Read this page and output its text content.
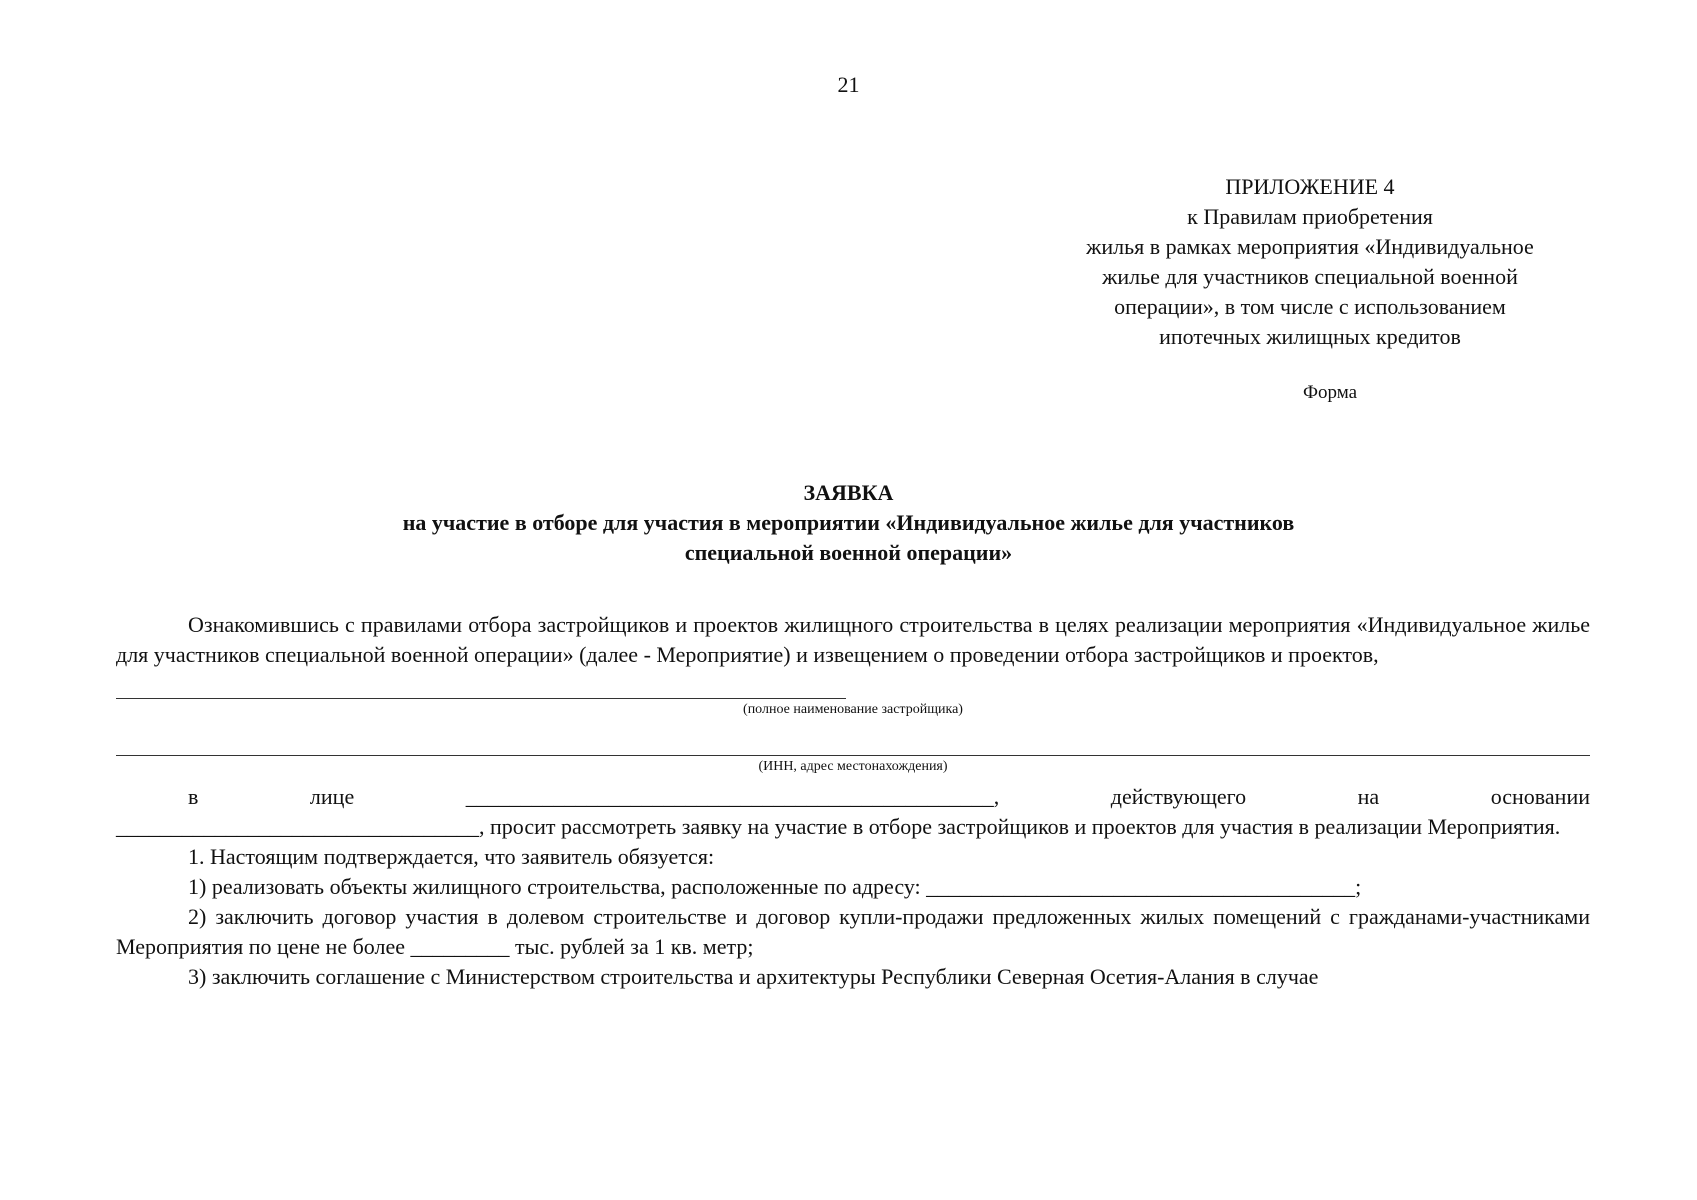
21
ПРИЛОЖЕНИЕ 4
к Правилам приобретения
жилья в рамках мероприятия «Индивидуальное
жилье для участников специальной военной
операции», в том числе с использованием
ипотечных жилищных кредитов
Форма
ЗАЯВКА
на участие в отборе для участия в мероприятии «Индивидуальное жилье для участников
специальной военной операции»

Ознакомившись с правилами отбора застройщиков и проектов жилищного строительства в целях реализации мероприятия «Индивидуальное жилье для участников специальной военной операции» (далее - Мероприятие) и извещением о проведении отбора застройщиков и проектов,

(полное наименование застройщика)
(ИНН, адрес местонахождения)
в лице ________________________________________________, действующего на основании

_________________________________, просит рассмотреть заявку на участие в отборе застройщиков и проектов для участия в реализации Мероприятия.

1. Настоящим подтверждается, что заявитель обязуется:

1) реализовать объекты жилищного строительства, расположенные по адресу: _______________________________________;

2) заключить договор участия в долевом строительстве и договор купли-продажи предложенных жилых помещений с гражданами-участниками Мероприятия по цене не более _________ тыс. рублей за 1 кв. метр;

3) заключить соглашение с Министерством строительства и архитектуры Республики Северная Осетия-Алания в случае
